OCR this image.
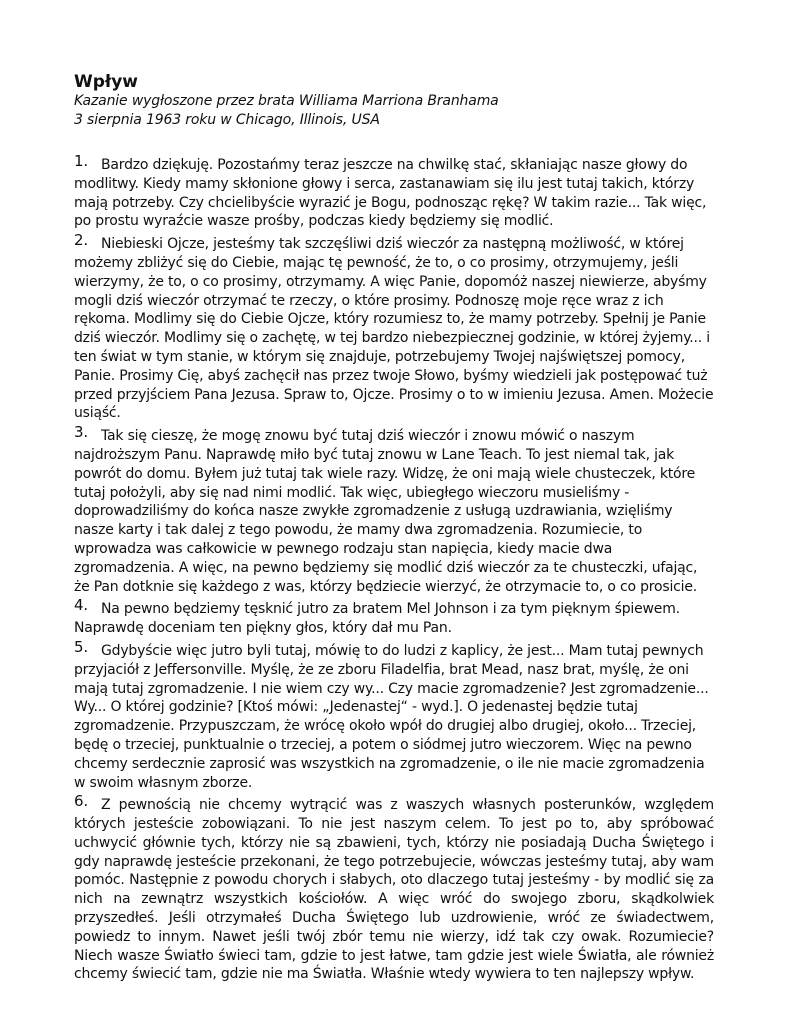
Wpływ

Kazanie wygłoszone przez brata Williama Marriona Branhama

3 sierpnia 1963 roku w Chicago, Illinois, USA

1. Bardzo dziękuję. Pozostańmy teraz jeszcze na chwilkę stać, skłaniając nasze głowy do modlitwy. Kiedy mamy skłonione głowy i serca, zastanawiam się ilu jest tutaj takich, którzy mają potrzeby. Czy chcielibyście wyrazić je Bogu, podnosząc rękę? W takim razie... Tak więc, po prostu wyraźcie wasze prośby, podczas kiedy będziemy się modlić.

2. Niebieski Ojcze, jesteśmy tak szczęśliwi dziś wieczór za następną możliwość, w której możemy zbliżyć się do Ciebie, mając tę pewność, że to, o co prosimy, otrzymujemy, jeśli wierzymy, że to, o co prosimy, otrzymamy. A więc Panie, dopomóż naszej niewierze, abyśmy mogli dziś wieczór otrzymać te rzeczy, o które prosimy. Podnoszę moje ręce wraz z ich rękoma. Modlimy się do Ciebie Ojcze, który rozumiesz to, że mamy potrzeby. Spełnij je Panie dziś wieczór. Modlimy się o zachętę, w tej bardzo niebezpiecznej godzinie, w której żyjemy... i ten świat w tym stanie, w którym się znajduje, potrzebujemy Twojej najświętszej pomocy, Panie. Prosimy Cię, abyś zachęcił nas przez twoje Słowo, byśmy wiedzieli jak postępować tuż przed przyjściem Pana Jezusa. Spraw to, Ojcze. Prosimy o to w imieniu Jezusa. Amen. Możecie usiąść.

3. Tak się cieszę, że mogę znowu być tutaj dziś wieczór i znowu mówić o naszym najdroższym Panu. Naprawdę miło być tutaj znowu w Lane Teach. To jest niemal tak, jak powrót do domu. Byłem już tutaj tak wiele razy. Widzę, że oni mają wiele chusteczek, które tutaj położyli, aby się nad nimi modlić. Tak więc, ubiegłego wieczoru musieliśmy - doprowadziliśmy do końca nasze zwykłe zgromadzenie z usługą uzdrawiania, wzięliśmy nasze karty i tak dalej z tego powodu, że mamy dwa zgromadzenia. Rozumiecie, to wprowadza was całkowicie w pewnego rodzaju stan napięcia, kiedy macie dwa zgromadzenia. A więc, na pewno będziemy się modlić dziś wieczór za te chusteczki, ufając, że Pan dotknie się każdego z was, którzy będziecie wierzyć, że otrzymacie to, o co prosicie.

4. Na pewno będziemy tęsknić jutro za bratem Mel Johnson i za tym pięknym śpiewem. Naprawdę doceniam ten piękny głos, który dał mu Pan.

5. Gdybyście więc jutro byli tutaj, mówię to do ludzi z kaplicy, że jest... Mam tutaj pewnych przyjaciół z Jeffersonville. Myślę, że ze zboru Filadelfia, brat Mead, nasz brat, myślę, że oni mają tutaj zgromadzenie. I nie wiem czy wy... Czy macie zgromadzenie? Jest zgromadzenie... Wy... O której godzinie? [Ktoś mówi: „Jedenastej“ - wyd.]. O jedenastej będzie tutaj zgromadzenie. Przypuszczam, że wrócę około wpół do drugiej albo drugiej, około... Trzeciej, będę o trzeciej, punktualnie o trzeciej, a potem o siódmej jutro wieczorem. Więc na pewno chcemy serdecznie zaprosić was wszystkich na zgromadzenie, o ile nie macie zgromadzenia w swoim własnym zborze.

6. Z pewnością nie chcemy wytrącić was z waszych własnych posterunków, względem których jesteście zobowiązani. To nie jest naszym celem. To jest po to, aby spróbować uchwycić głównie tych, którzy nie są zbawieni, tych, którzy nie posiadają Ducha Świętego i gdy naprawdę jesteście przekonani, że tego potrzebujecie, wówczas jesteśmy tutaj, aby wam pomóc. Następnie z powodu chorych i słabych, oto dlaczego tutaj jesteśmy - by modlić się za nich na zewnątrz wszystkich kościołów. A więc wróć do swojego zboru, skądkolwiek przyszedłeś. Jeśli otrzymałeś Ducha Świętego lub uzdrowienie, wróć ze świadectwem, powiedz to innym. Nawet jeśli twój zbór temu nie wierzy, idź tak czy owak. Rozumiecie? Niech wasze Światło świeci tam, gdzie to jest łatwe, tam gdzie jest wiele Światła, ale również chcemy świecić tam, gdzie nie ma Światła. Właśnie wtedy wywiera to ten najlepszy wpływ.
